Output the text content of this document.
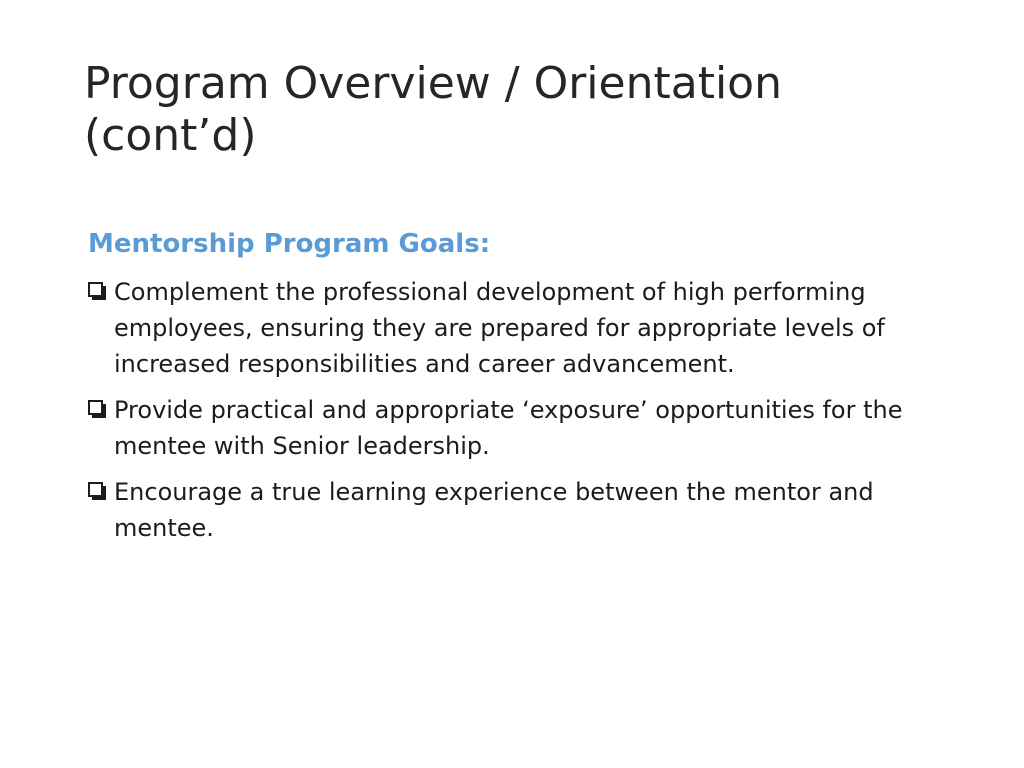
Program Overview / Orientation
(cont’d)
Mentorship Program Goals:
Complement the professional development of high performing employees, ensuring they are prepared for appropriate levels of increased responsibilities and career advancement.
Provide practical and appropriate ‘exposure’ opportunities for the mentee with Senior leadership.
Encourage a true learning experience between the mentor and mentee.
